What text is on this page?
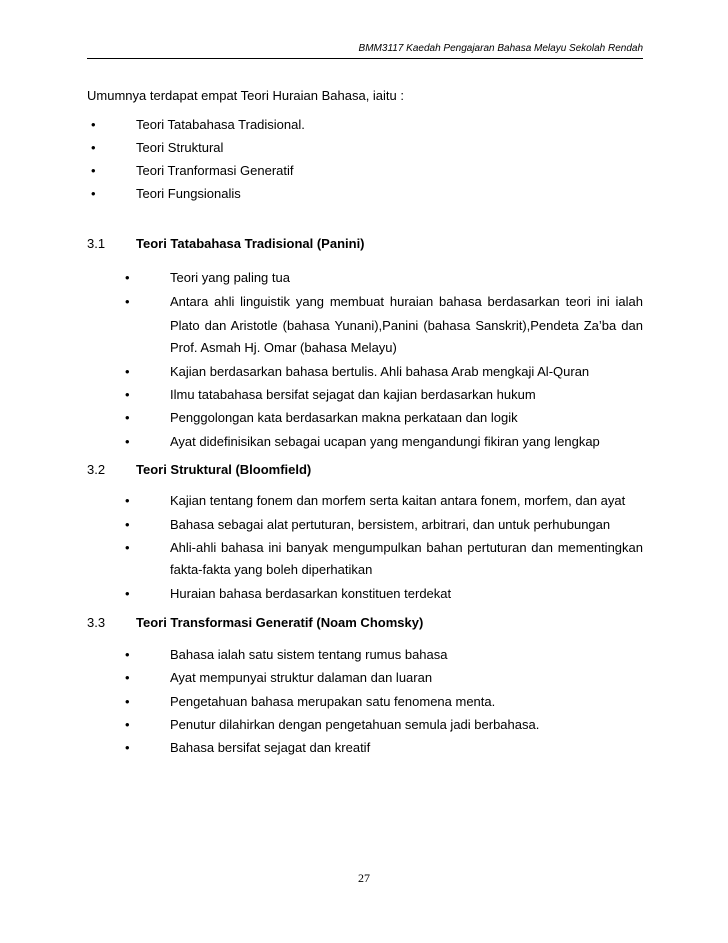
BMM3117 Kaedah Pengajaran Bahasa Melayu Sekolah Rendah
Umumnya terdapat empat Teori Huraian Bahasa, iaitu :
•	Teori Tatabahasa Tradisional.
•	Teori Struktural
•	Teori Tranformasi Generatif
•	Teori Fungsionalis
3.1 Teori Tatabahasa Tradisional (Panini)
•	Teori yang paling tua
•	Antara ahli linguistik yang membuat huraian bahasa berdasarkan teori ini ialah
Plato dan Aristotle (bahasa Yunani),Panini (bahasa Sanskrit),Pendeta Za’ba dan
Prof. Asmah Hj. Omar (bahasa Melayu)
•	Kajian berdasarkan bahasa bertulis. Ahli bahasa Arab mengkaji Al-Quran
•	Ilmu tatabahasa bersifat sejagat dan kajian berdasarkan hukum
•	Penggolongan kata berdasarkan makna perkataan dan logik
•	Ayat didefinisikan sebagai ucapan yang mengandungi fikiran yang lengkap
3.2 Teori Struktural (Bloomfield)
•	Kajian tentang fonem dan morfem serta kaitan antara fonem, morfem, dan ayat
•	Bahasa sebagai alat pertuturan, bersistem, arbitrari, dan untuk perhubungan
•	Ahli-ahli bahasa ini banyak mengumpulkan bahan pertuturan dan mementingkan
fakta-fakta yang boleh diperhatikan
•	Huraian bahasa berdasarkan konstituen terdekat
3.3 Teori Transformasi Generatif (Noam Chomsky)
•	Bahasa ialah satu sistem tentang rumus bahasa
•	Ayat mempunyai struktur dalaman dan luaran
•	Pengetahuan bahasa merupakan satu fenomena menta.
•	Penutur dilahirkan dengan pengetahuan semula jadi berbahasa.
•	Bahasa bersifat sejagat dan kreatif
27
